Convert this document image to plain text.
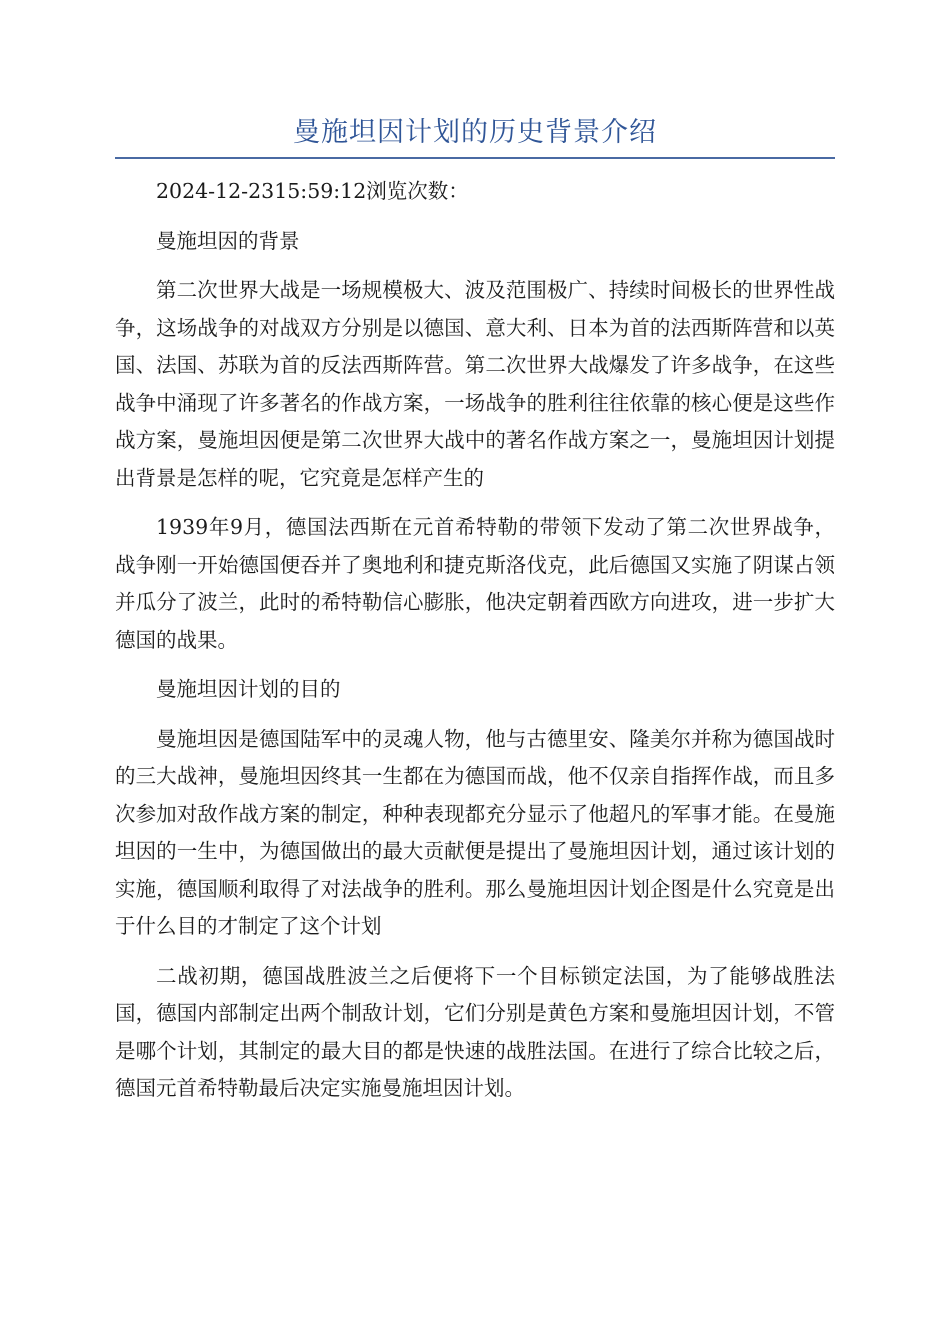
曼施坦因计划的历史背景介绍

2024-12-2315:59:12浏览次数：

曼施坦因的背景

第二次世界大战是一场规模极大、波及范围极广、持续时间极长的世界性战争，这场战争的对战双方分别是以德国、意大利、日本为首的法西斯阵营和以英国、法国、苏联为首的反法西斯阵营。第二次世界大战爆发了许多战争，在这些战争中涌现了许多著名的作战方案，一场战争的胜利往往依靠的核心便是这些作战方案，曼施坦因便是第二次世界大战中的著名作战方案之一，曼施坦因计划提出背景是怎样的呢，它究竟是怎样产生的

1939年9月，德国法西斯在元首希特勒的带领下发动了第二次世界战争，战争刚一开始德国便吞并了奥地利和捷克斯洛伐克，此后德国又实施了阴谋占领并瓜分了波兰，此时的希特勒信心膨胀，他决定朝着西欧方向进攻，进一步扩大德国的战果。

曼施坦因计划的目的

曼施坦因是德国陆军中的灵魂人物，他与古德里安、隆美尔并称为德国战时的三大战神，曼施坦因终其一生都在为德国而战，他不仅亲自指挥作战，而且多次参加对敌作战方案的制定，种种表现都充分显示了他超凡的军事才能。在曼施坦因的一生中，为德国做出的最大贡献便是提出了曼施坦因计划，通过该计划的实施，德国顺利取得了对法战争的胜利。那么曼施坦因计划企图是什么究竟是出于什么目的才制定了这个计划

二战初期，德国战胜波兰之后便将下一个目标锁定法国，为了能够战胜法国，德国内部制定出两个制敌计划，它们分别是黄色方案和曼施坦因计划，不管是哪个计划，其制定的最大目的都是快速的战胜法国。在进行了综合比较之后，德国元首希特勒最后决定实施曼施坦因计划。
